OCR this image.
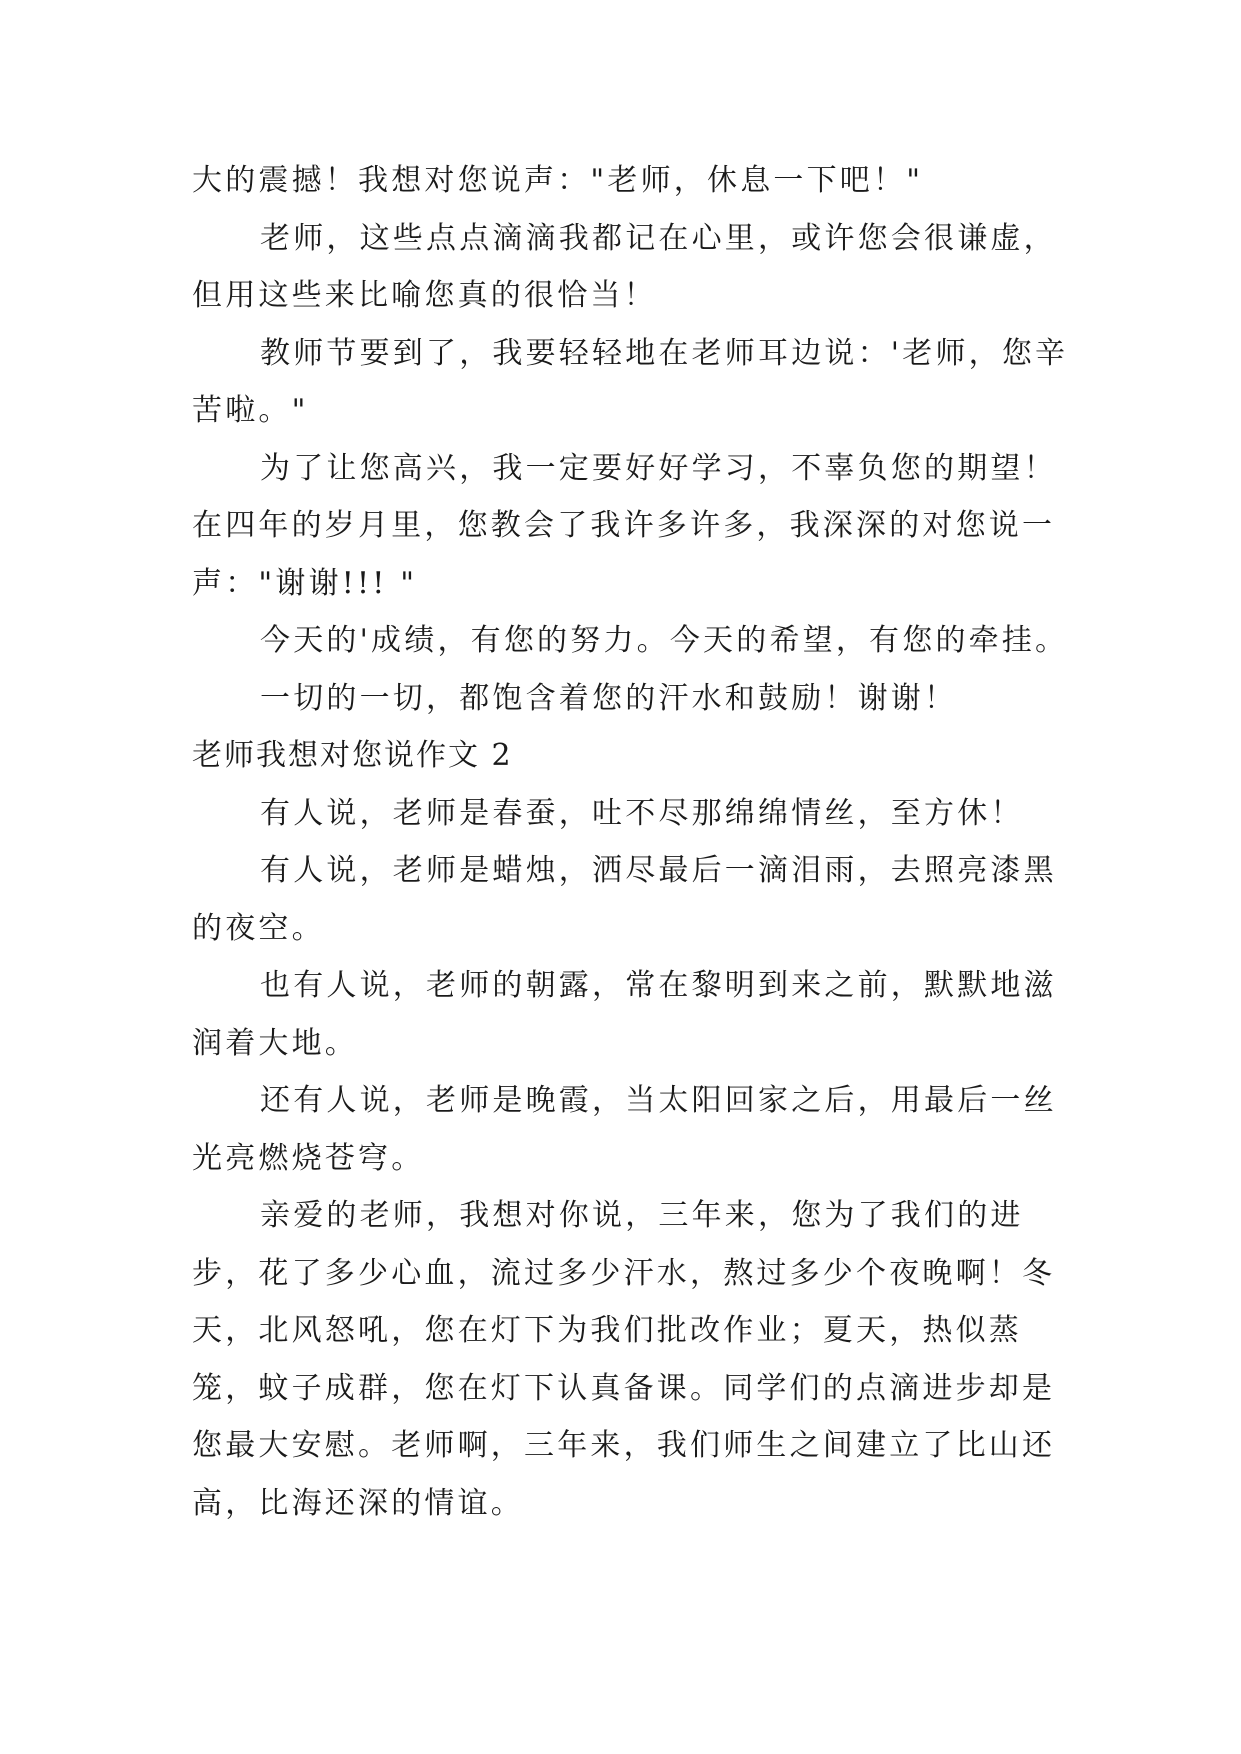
大的震撼！我想对您说声："老师，休息一下吧！"

老师，这些点点滴滴我都记在心里，或许您会很谦虚，但用这些来比喻您真的很恰当！

教师节要到了，我要轻轻地在老师耳边说：'老师，您辛苦啦。"

为了让您高兴，我一定要好好学习，不辜负您的期望！在四年的岁月里，您教会了我许多许多，我深深的对您说一声："谢谢!!! "

今天的'成绩，有您的努力。今天的希望，有您的牵挂。

一切的一切，都饱含着您的汗水和鼓励！谢谢！

老师我想对您说作文 2

有人说，老师是春蚕，吐不尽那绵绵情丝，至方休！

有人说，老师是蜡烛，洒尽最后一滴泪雨，去照亮漆黑的夜空。

也有人说，老师的朝露，常在黎明到来之前，默默地滋润着大地。

还有人说，老师是晚霞，当太阳回家之后，用最后一丝光亮燃烧苍穹。

亲爱的老师，我想对你说，三年来，您为了我们的进步，花了多少心血，流过多少汗水，熬过多少个夜晚啊！冬天，北风怒吼，您在灯下为我们批改作业；夏天，热似蒸笼，蚊子成群，您在灯下认真备课。同学们的点滴进步却是您最大安慰。老师啊，三年来，我们师生之间建立了比山还高，比海还深的情谊。
